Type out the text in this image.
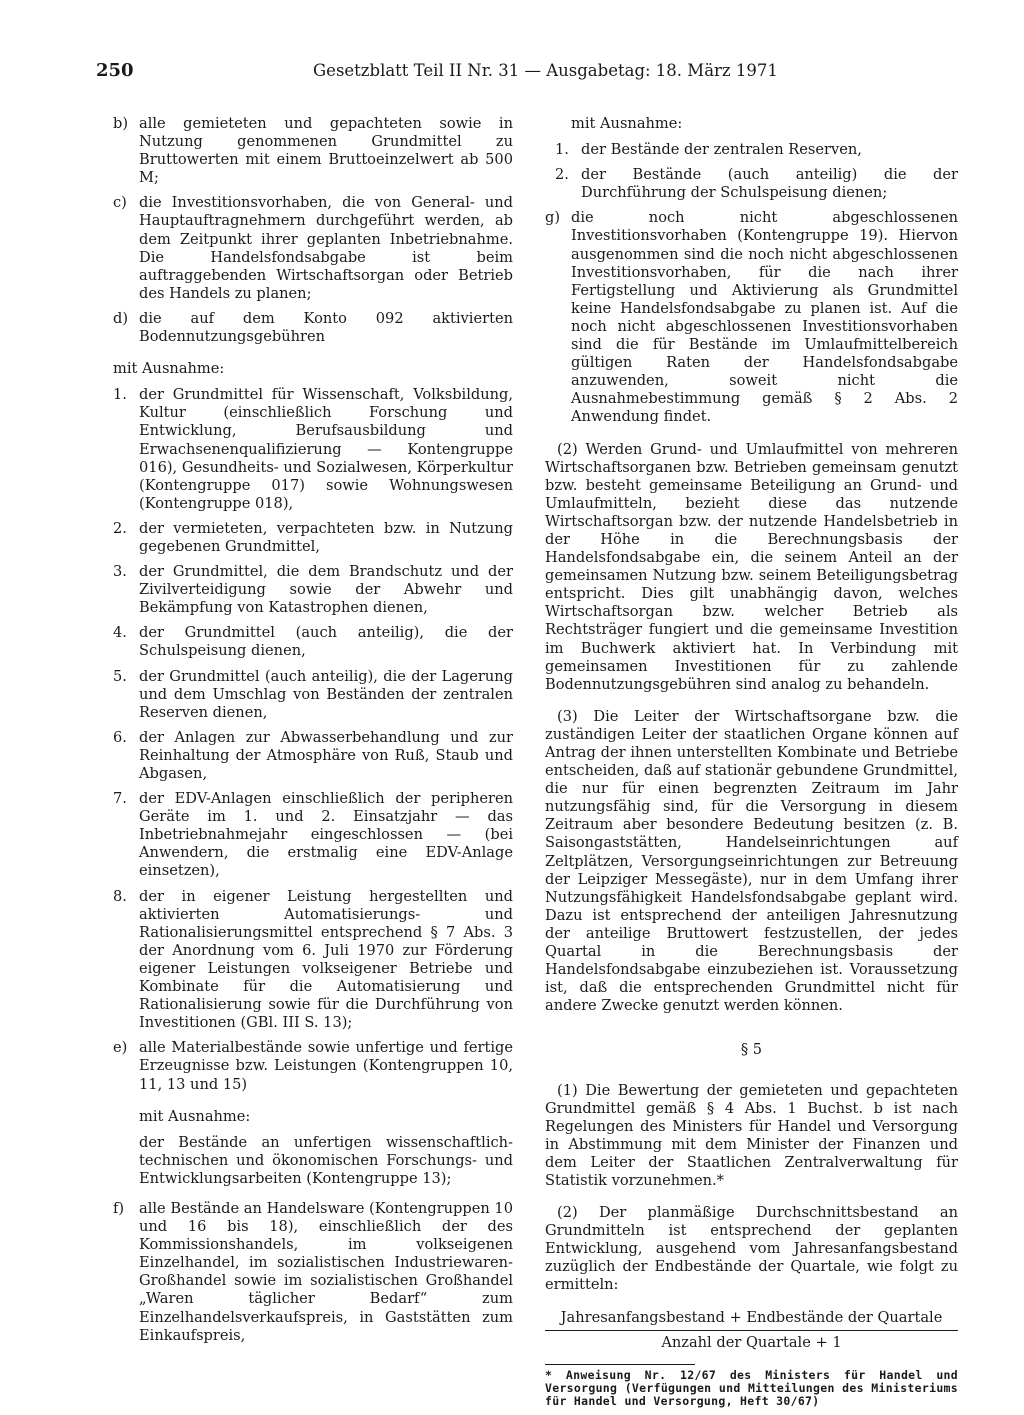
250	Gesetzblatt Teil II Nr. 31 — Ausgabetag: 18. März 1971
b) alle gemieteten und gepachteten sowie in Nutzung genommenen Grundmittel zu Bruttowerten mit einem Bruttoeinzelwert ab 500 M;
c) die Investitionsvorhaben, die von General- und Hauptauftragnehmern durchgeführt werden, ab dem Zeitpunkt ihrer geplanten Inbetriebnahme. Die Handelsfondsabgabe ist beim auftraggebenden Wirtschaftsorgan oder Betrieb des Handels zu planen;
d) die auf dem Konto 092 aktivierten Bodennutzungsgebühren

mit Ausnahme:

1. der Grundmittel für Wissenschaft, Volksbildung, Kultur (einschließlich Forschung und Entwicklung, Berufsausbildung und Erwachsenenqualifizierung — Kontengruppe 016), Gesundheits- und Sozialwesen, Körperkultur (Kontengruppe 017) sowie Wohnungswesen (Kontengruppe 018),
2. der vermieteten, verpachteten bzw. in Nutzung gegebenen Grundmittel,
3. der Grundmittel, die dem Brandschutz und der Zivilverteidigung sowie der Abwehr und Bekämpfung von Katastrophen dienen,
4. der Grundmittel (auch anteilig), die der Schulspeisung dienen,
5. der Grundmittel (auch anteilig), die der Lagerung und dem Umschlag von Beständen der zentralen Reserven dienen,
6. der Anlagen zur Abwasserbehandlung und zur Reinhaltung der Atmosphäre von Ruß, Staub und Abgasen,
7. der EDV-Anlagen einschließlich der peripheren Geräte im 1. und 2. Einsatzjahr — das Inbetriebnahmejahr eingeschlossen — (bei Anwendern, die erstmalig eine EDV-Anlage einsetzen),
8. der in eigener Leistung hergestellten und aktivierten Automatisierungs- und Rationalisierungsmittel entsprechend § 7 Abs. 3 der Anordnung vom 6. Juli 1970 zur Förderung eigener Leistungen volkseigener Betriebe und Kombinate für die Automatisierung und Rationalisierung sowie für die Durchführung von Investitionen (GBl. III S. 13);
e) alle Materialbestände sowie unfertige und fertige Erzeugnisse bzw. Leistungen (Kontengruppen 10, 11, 13 und 15)

mit Ausnahme:

der Bestände an unfertigen wissenschaftlich-technischen und ökonomischen Forschungs- und Entwicklungsarbeiten (Kontengruppe 13);

f) alle Bestände an Handelsware (Kontengruppen 10 und 16 bis 18), einschließlich der des Kommissionshandels, im volkseigenen Einzelhandel, im sozialistischen Industriewaren-Großhandel sowie im sozialistischen Großhandel „Waren täglicher Bedarf“ zum Einzelhandelsverkaufspreis, in Gaststätten zum Einkaufspreis,

mit Ausnahme:

1. der Bestände der zentralen Reserven,
2. der Bestände (auch anteilig) die der Durchführung der Schulspeisung dienen;
g) die noch nicht abgeschlossenen Investitionsvorhaben (Kontengruppe 19). Hiervon ausgenommen sind die noch nicht abgeschlossenen Investitionsvorhaben, für die nach ihrer Fertigstellung und Aktivierung als Grundmittel keine Handelsfondsabgabe zu planen ist. Auf die noch nicht abgeschlossenen Investitionsvorhaben sind die für Bestände im Umlaufmittelbereich gültigen Raten der Handelsfondsabgabe anzuwenden, soweit nicht die Ausnahmebestimmung gemäß § 2 Abs. 2 Anwendung findet.

(2) Werden Grund- und Umlaufmittel von mehreren Wirtschaftsorganen bzw. Betrieben gemeinsam genutzt bzw. besteht gemeinsame Beteiligung an Grund- und Umlaufmitteln, bezieht diese das nutzende Wirtschaftsorgan bzw. der nutzende Handelsbetrieb in der Höhe in die Berechnungsbasis der Handelsfondsabgabe ein, die seinem Anteil an der gemeinsamen Nutzung bzw. seinem Beteiligungsbetrag entspricht. Dies gilt unabhängig davon, welches Wirtschaftsorgan bzw. welcher Betrieb als Rechtsträger fungiert und die gemeinsame Investition im Buchwerk aktiviert hat. In Verbindung mit gemeinsamen Investitionen für zu zahlende Bodennutzungsgebühren sind analog zu behandeln.

(3) Die Leiter der Wirtschaftsorgane bzw. die zuständigen Leiter der staatlichen Organe können auf Antrag der ihnen unterstellten Kombinate und Betriebe entscheiden, daß auf stationär gebundene Grundmittel, die nur für einen begrenzten Zeitraum im Jahr nutzungsfähig sind, für die Versorgung in diesem Zeitraum aber besondere Bedeutung besitzen (z. B. Saisongaststätten, Handelseinrichtungen auf Zeltplätzen, Versorgungseinrichtungen zur Betreuung der Leipziger Messegäste), nur in dem Umfang ihrer Nutzungsfähigkeit Handelsfondsabgabe geplant wird. Dazu ist entsprechend der anteiligen Jahresnutzung der anteilige Bruttowert festzustellen, der jedes Quartal in die Berechnungsbasis der Handelsfondsabgabe einzubeziehen ist. Voraussetzung ist, daß die entsprechenden Grundmittel nicht für andere Zwecke genutzt werden können.

§ 5

(1) Die Bewertung der gemieteten und gepachteten Grundmittel gemäß § 4 Abs. 1 Buchst. b ist nach Regelungen des Ministers für Handel und Versorgung in Abstimmung mit dem Minister der Finanzen und dem Leiter der Staatlichen Zentralverwaltung für Statistik vorzunehmen.*

(2) Der planmäßige Durchschnittsbestand an Grundmitteln ist entsprechend der geplanten Entwicklung, ausgehend vom Jahresanfangsbestand zuzüglich der Endbestände der Quartale, wie folgt zu ermitteln:

Jahresanfangsbestand + Endbestände der Quartale
Anzahl der Quartale + 1

* Anweisung Nr. 12/67 des Ministers für Handel und Versorgung (Verfügungen und Mitteilungen des Ministeriums für Handel und Versorgung, Heft 30/67)
